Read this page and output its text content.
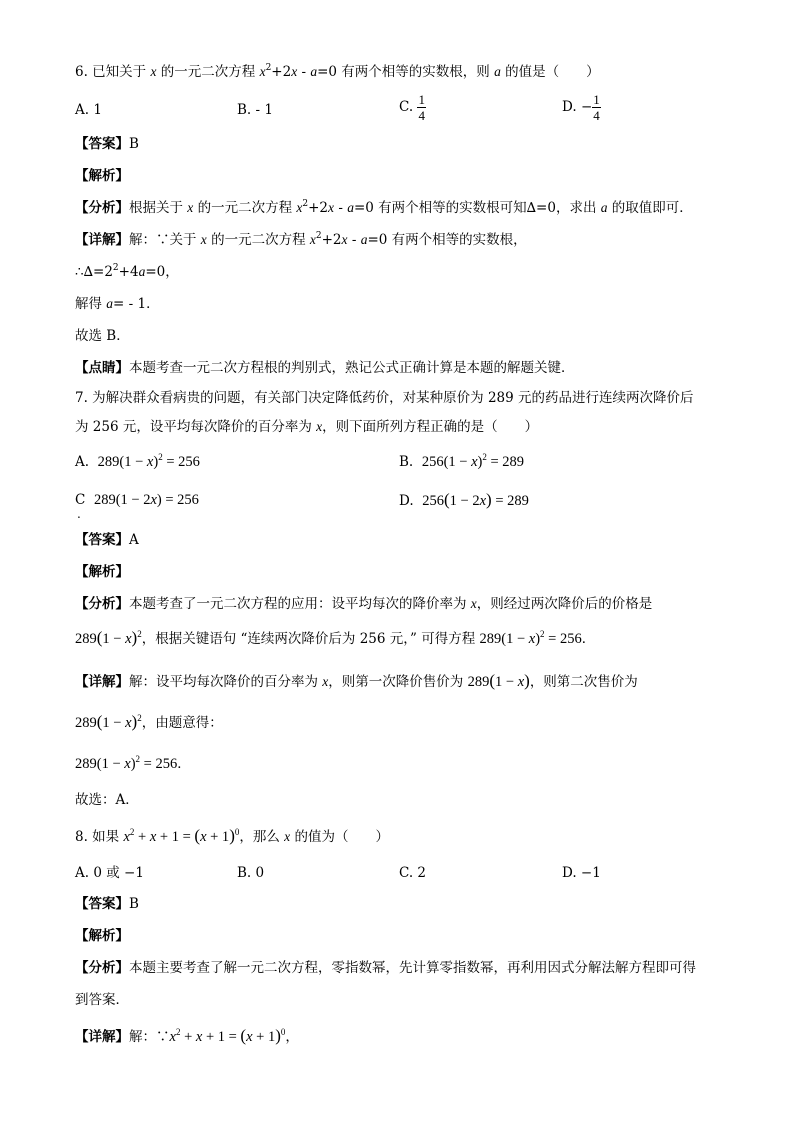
6. 已知关于 x 的一元二次方程 $x^2+2x - a=0$ 有两个相等的实数根，则 a 的值是（　　）
A. 1	B. - 1	C. $\frac{1}{4}$	D. − $\frac{1}{4}$
【答案】B
【解析】
【分析】根据关于 x 的一元二次方程 $x^2+2x - a=0$ 有两个相等的实数根可知∆=0，求出 a 的取值即可．
【详解】解：∵关于 x 的一元二次方程 $x^2+2x - a=0$ 有两个相等的实数根，
$\therefore\Delta=2^2+4a=0$，
解得 a= - 1．
故选 B．
【点睛】本题考查一元二次方程根的判别式，熟记公式正确计算是本题的解题关键．
7. 为解决群众看病贵的问题，有关部门决定降低药价，对某种原价为 289 元的药品进行连续两次降价后
为 256 元，设平均每次降价的百分率为 x，则下面所列方程正确的是（　　）
A. $289(1 - x)^2 = 256$	B. $256(1 - x)^2 = 289$
C 289(1 − 2x) = 256
.
D. 256(1 − 2x) = 289
【答案】A
【解析】
【分析】本题考查了一元二次方程的应用：设平均每次的降价率为 x，则经过两次降价后的价格是
$289(1 - x)^2$，根据关键语句 “连续两次降价后为 256 元，” 可得方程 $289(1 - x)^2 = 256$．
【详解】解：设平均每次降价的百分率为 x，则第一次降价售价为 289(1 − x)，则第二次售价为
$289(1 - x)^2$，由题意得：
$289(1 - x)^2 = 256$．
故选：A．
8. 如果 $x^2 + x + 1 = (x + 1)^0$，那么 x 的值为（　　）
A. 0 或 −1	B. 0	C. 2	D. −1
【答案】B
【解析】
【分析】本题主要考查了解一元二次方程，零指数幂，先计算零指数幂，再利用因式分解法解方程即可得
到答案．
【详解】解：$\because x^2 + x + 1 = (x + 1)^0$，
